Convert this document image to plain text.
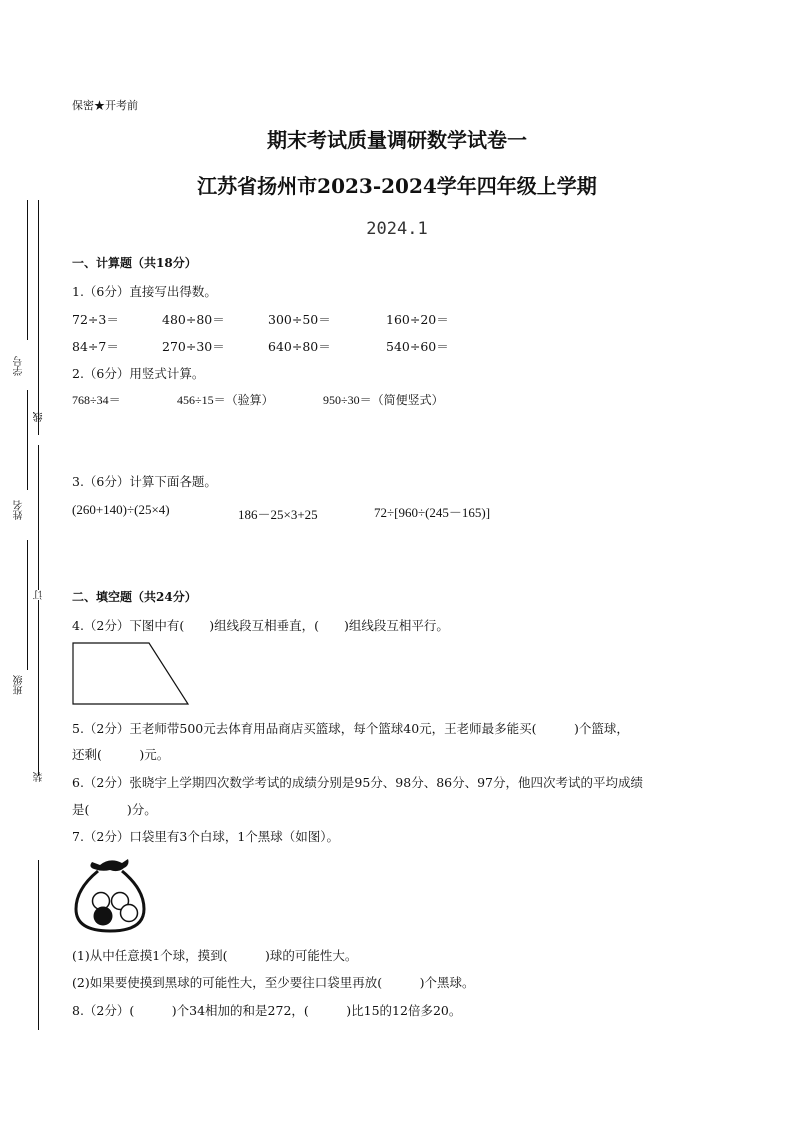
学号
线
姓名
订
班级
装
保密★开考前
期末考试质量调研数学试卷一
江苏省扬州市2023-2024学年四年级上学期
2024.1
一、计算题（共18分）
1.（6分）直接写出得数。
72÷3＝	480÷80＝	300÷50＝	160÷20＝
84÷7＝	270÷30＝	640÷80＝	540÷60＝
2.（6分）用竖式计算。
768÷34＝	456÷15＝（验算）	950÷30＝（简便竖式）
3.（6分）计算下面各题。
(260+140)÷(25×4)	186－25×3+25	72÷[960÷(245－165)]
二、填空题（共24分）
4.（2分）下图中有(　　)组线段互相垂直，(　　)组线段互相平行。
5.（2分）王老师带500元去体育用品商店买篮球，每个篮球40元，王老师最多能买(　　　)个篮球，
还剩(　　　)元。
6.（2分）张晓宇上学期四次数学考试的成绩分别是95分、98分、86分、97分，他四次考试的平均成绩
是(　　　)分。
7.（2分）口袋里有3个白球，1个黑球（如图）。
(1)从中任意摸1个球，摸到(　　　)球的可能性大。
(2)如果要使摸到黑球的可能性大，至少要往口袋里再放(　　　)个黑球。
8.（2分）(　　　)个34相加的和是272，(　　　)比15的12倍多20。
